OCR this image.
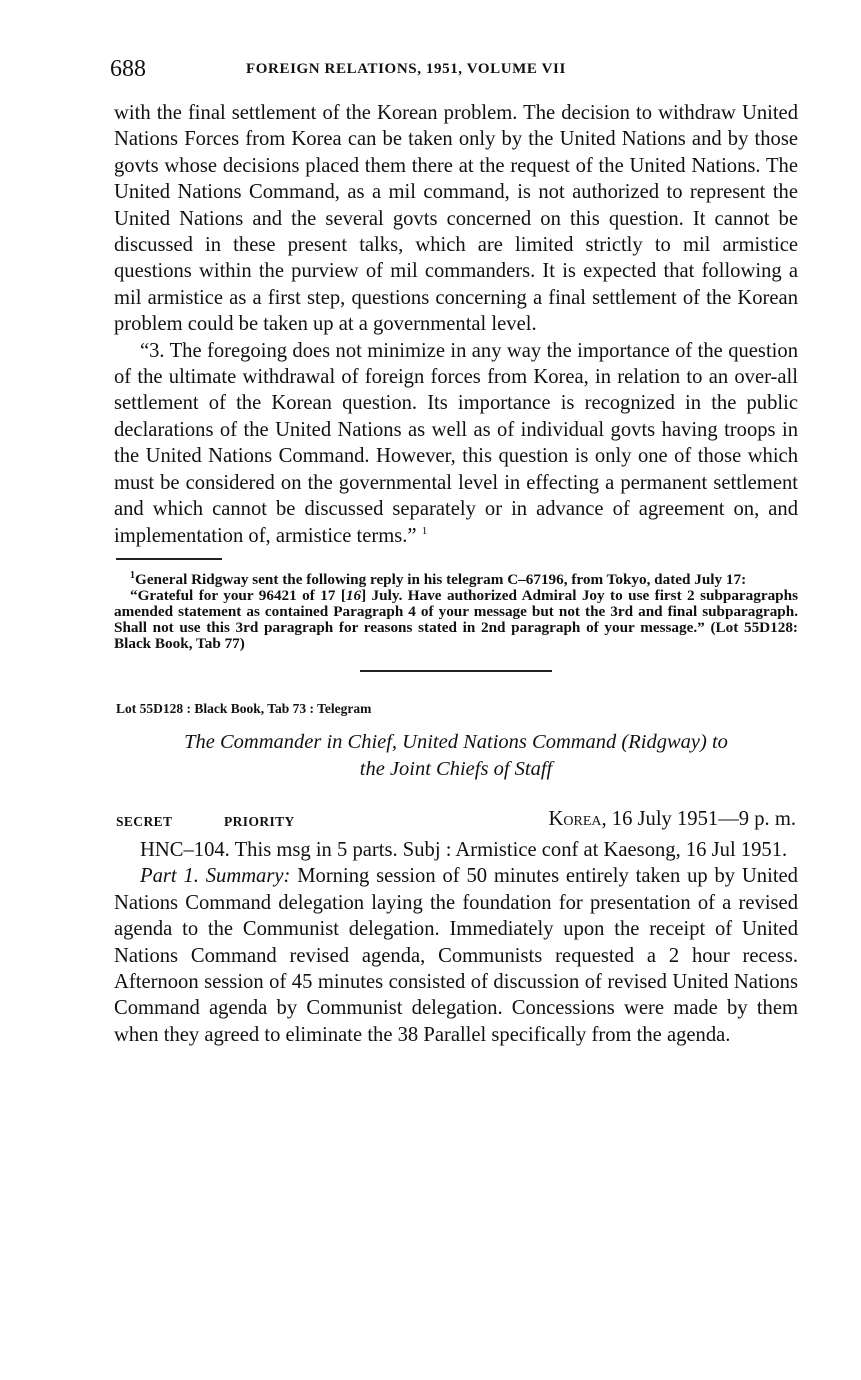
688	FOREIGN RELATIONS, 1951, VOLUME VII

with the final settlement of the Korean problem. The decision to withdraw United Nations Forces from Korea can be taken only by the United Nations and by those govts whose decisions placed them there at the request of the United Nations. The United Nations Command, as a mil command, is not authorized to represent the United Nations and the several govts concerned on this question. It cannot be discussed in these present talks, which are limited strictly to mil armistice questions within the purview of mil commanders. It is expected that following a mil armistice as a first step, questions concerning a final settlement of the Korean problem could be taken up at a governmental level.

“3. The foregoing does not minimize in any way the importance of the question of the ultimate withdrawal of foreign forces from Korea, in relation to an over-all settlement of the Korean question. Its importance is recognized in the public declarations of the United Nations as well as of individual govts having troops in the United Nations Command. However, this question is only one of those which must be considered on the governmental level in effecting a permanent settlement and which cannot be discussed separately or in advance of agreement on, and implementation of, armistice terms.” $^1$

$^1$General Ridgway sent the following reply in his telegram C–67196, from Tokyo, dated July 17:

“Grateful for your 96421 of 17 [16] July. Have authorized Admiral Joy to use first 2 subparagraphs amended statement as contained Paragraph 4 of your message but not the 3rd and final subparagraph. Shall not use this 3rd paragraph for reasons stated in 2nd paragraph of your message.” (Lot 55D128: Black Book, Tab 77)

Lot 55D128 : Black Book, Tab 73 : Telegram

The Commander in Chief, United Nations Command (Ridgway) to
the Joint Chiefs of Staff
SECRET	PRIORITY	Korea, 16 July 1951—9 p. m.

HNC–104. This msg in 5 parts. Subj : Armistice conf at Kaesong, 16 Jul 1951.

Part 1. Summary: Morning session of 50 minutes entirely taken up by United Nations Command delegation laying the foundation for presentation of a revised agenda to the Communist delegation. Immediately upon the receipt of United Nations Command revised agenda, Communists requested a 2 hour recess. Afternoon session of 45 minutes consisted of discussion of revised United Nations Command agenda by Communist delegation. Concessions were made by them when they agreed to eliminate the 38 Parallel specifically from the agenda.
